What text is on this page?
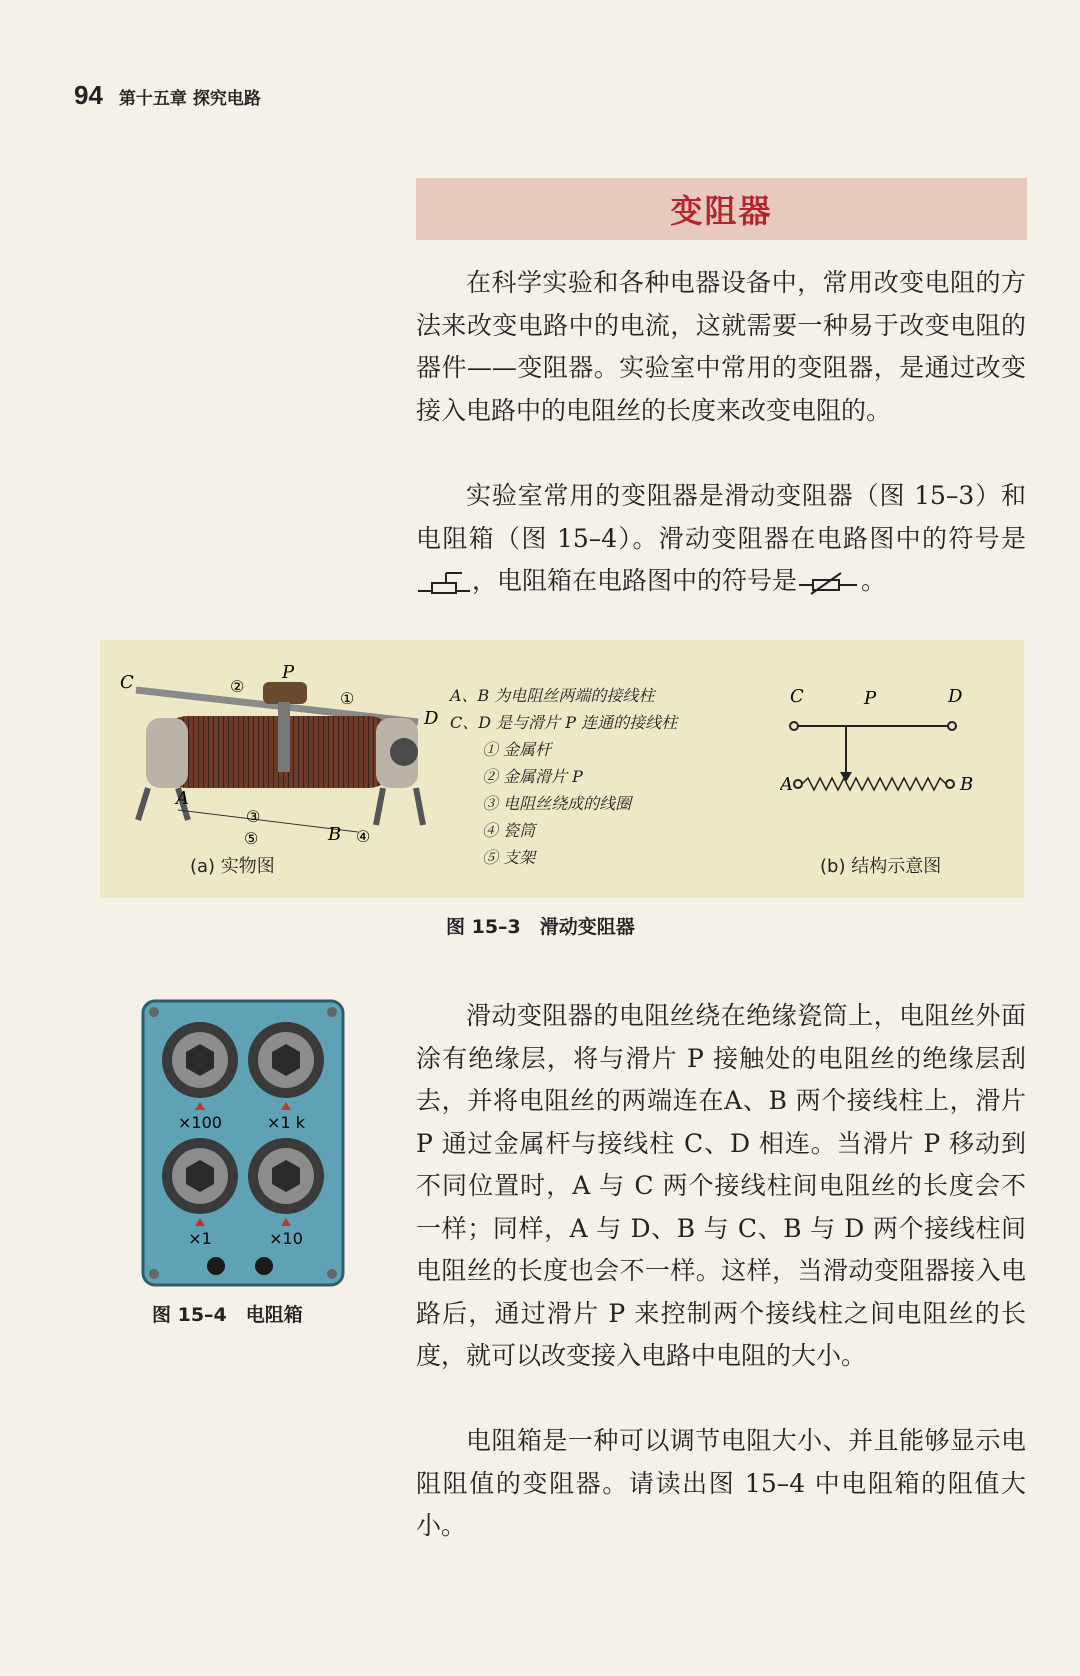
94 第十五章 探究电路
变阻器

在科学实验和各种电器设备中，常用改变电阻的方法来改变电路中的电流，这就需要一种易于改变电阻的器件——变阻器。实验室中常用的变阻器，是通过改变接入电路中的电阻丝的长度来改变电阻的。

实验室常用的变阻器是滑动变阻器（图 15–3）和电阻箱（图 15–4）。滑动变阻器在电路图中的符号是，电阻箱在电路图中的符号是	。

C	②
P
①
D
A
③
⑤	B ④
(a) 实物图
A、B 为电阻丝两端的接线柱
C、D 是与滑片 P 连通的接线柱
① 金属杆
② 金属滑片 P
③ 电阻丝绕成的线圈
④ 瓷筒
⑤ 支架
C	P	D
A	B
(b) 结构示意图
图 15–3　滑动变阻器
×100	×1 k
×1	×10
图 15–4　电阻箱

滑动变阻器的电阻丝绕在绝缘瓷筒上，电阻丝外面涂有绝缘层，将与滑片 P 接触处的电阻丝的绝缘层刮去，并将电阻丝的两端连在A、B 两个接线柱上，滑片 P 通过金属杆与接线柱 C、D 相连。当滑片 P 移动到不同位置时，A 与 C 两个接线柱间电阻丝的长度会不一样；同样，A 与 D、B 与 C、B 与 D 两个接线柱间电阻丝的长度也会不一样。这样，当滑动变阻器接入电路后，通过滑片 P 来控制两个接线柱之间电阻丝的长度，就可以改变接入电路中电阻的大小。

电阻箱是一种可以调节电阻大小、并且能够显示电阻阻值的变阻器。请读出图 15–4 中电阻箱的阻值大小。
